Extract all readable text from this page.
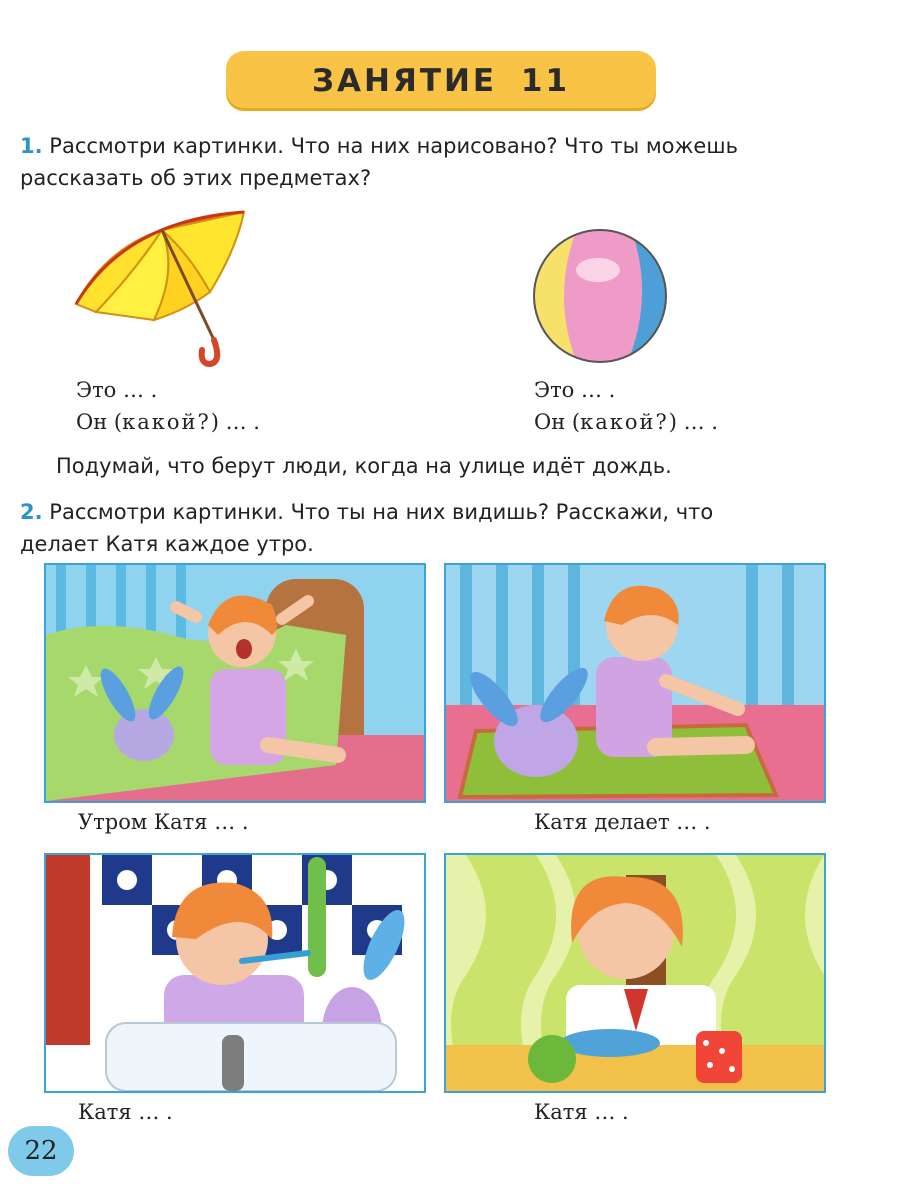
ЗАНЯТИЕ 11
1. Рассмотри картинки. Что на них нарисовано? Что ты можешь
рассказать об этих предметах?
Это … .
Он (какой?) … .
Это … .
Он (какой?) … .
Подумай, что берут люди, когда на улице идёт дождь.
2. Рассмотри картинки. Что ты на них видишь? Расскажи, что
делает Катя каждое утро.
Утром Катя … .	Катя делает … .
Катя … .	Катя … .
22
